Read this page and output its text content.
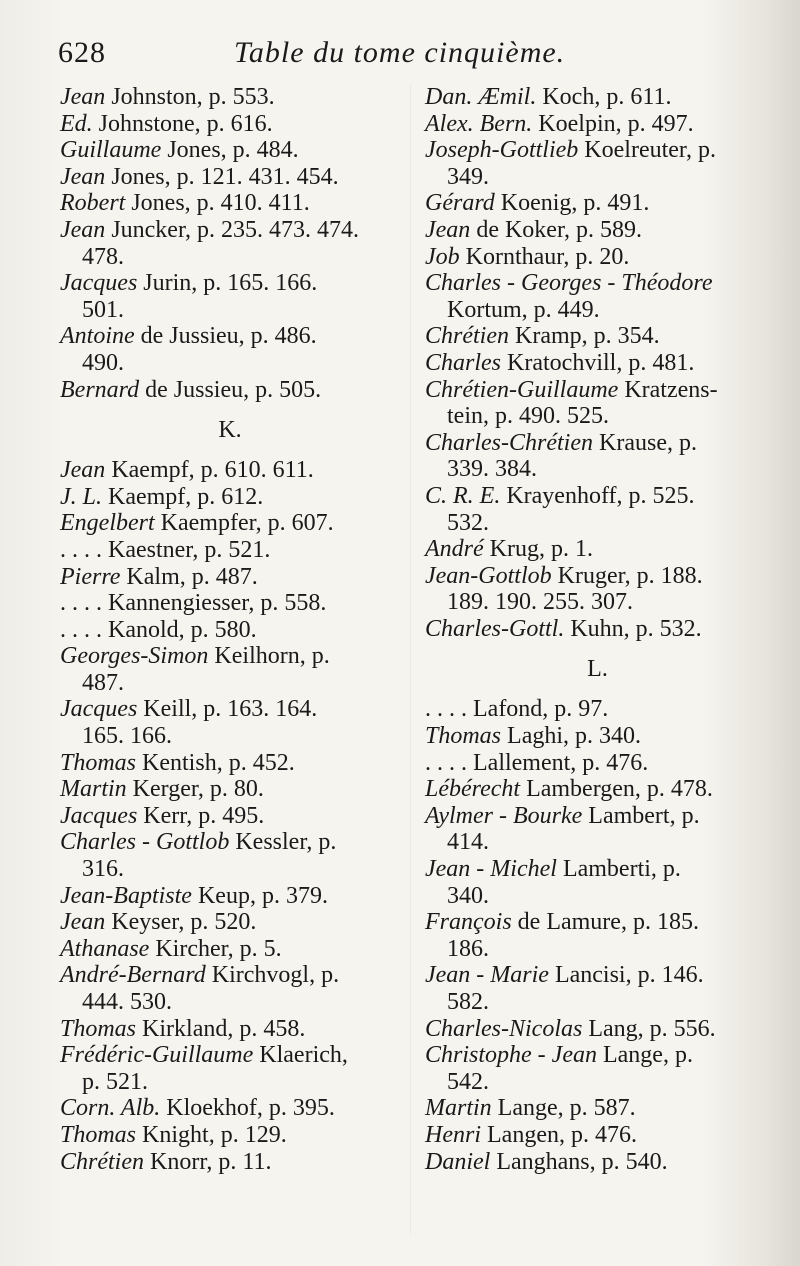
628	Table du tome cinquième.
Jean Johnston, p. 553.
Ed. Johnstone, p. 616.
Guillaume Jones, p. 484.
Jean Jones, p. 121. 431. 454.
Robert Jones, p. 410. 411.
Jean Juncker, p. 235. 473. 474.
478.
Jacques Jurin, p. 165. 166.
501.
Antoine de Jussieu, p. 486.
490.
Bernard de Jussieu, p. 505.
K.
Jean Kaempf, p. 610. 611.
J. L. Kaempf, p. 612.
Engelbert Kaempfer, p. 607.
. . . . Kaestner, p. 521.
Pierre Kalm, p. 487.
. . . . Kannengiesser, p. 558.
. . . . Kanold, p. 580.
Georges-Simon Keilhorn, p.
487.
Jacques Keill, p. 163. 164.
165. 166.
Thomas Kentish, p. 452.
Martin Kerger, p. 80.
Jacques Kerr, p. 495.
Charles - Gottlob Kessler, p.
316.
Jean-Baptiste Keup, p. 379.
Jean Keyser, p. 520.
Athanase Kircher, p. 5.
André-Bernard Kirchvogl, p.
444. 530.
Thomas Kirkland, p. 458.
Frédéric-Guillaume Klaerich,
p. 521.
Corn. Alb. Kloekhof, p. 395.
Thomas Knight, p. 129.
Chrétien Knorr, p. 11.
Dan. Æmil. Koch, p. 611.
Alex. Bern. Koelpin, p. 497.
Joseph-Gottlieb Koelreuter, p.
349.
Gérard Koenig, p. 491.
Jean de Koker, p. 589.
Job Kornthaur, p. 20.
Charles - Georges - Théodore
Kortum, p. 449.
Chrétien Kramp, p. 354.
Charles Kratochvill, p. 481.
Chrétien-Guillaume Kratzens-
tein, p. 490. 525.
Charles-Chrétien Krause, p.
339. 384.
C. R. E. Krayenhoff, p. 525.
532.
André Krug, p. 1.
Jean-Gottlob Kruger, p. 188.
189. 190. 255. 307.
Charles-Gottl. Kuhn, p. 532.
L.
. . . . Lafond, p. 97.
Thomas Laghi, p. 340.
. . . . Lallement, p. 476.
Lébérecht Lambergen, p. 478.
Aylmer - Bourke Lambert, p.
414.
Jean - Michel Lamberti, p.
340.
François de Lamure, p. 185.
186.
Jean - Marie Lancisi, p. 146.
582.
Charles-Nicolas Lang, p. 556.
Christophe - Jean Lange, p.
542.
Martin Lange, p. 587.
Henri Langen, p. 476.
Daniel Langhans, p. 540.
